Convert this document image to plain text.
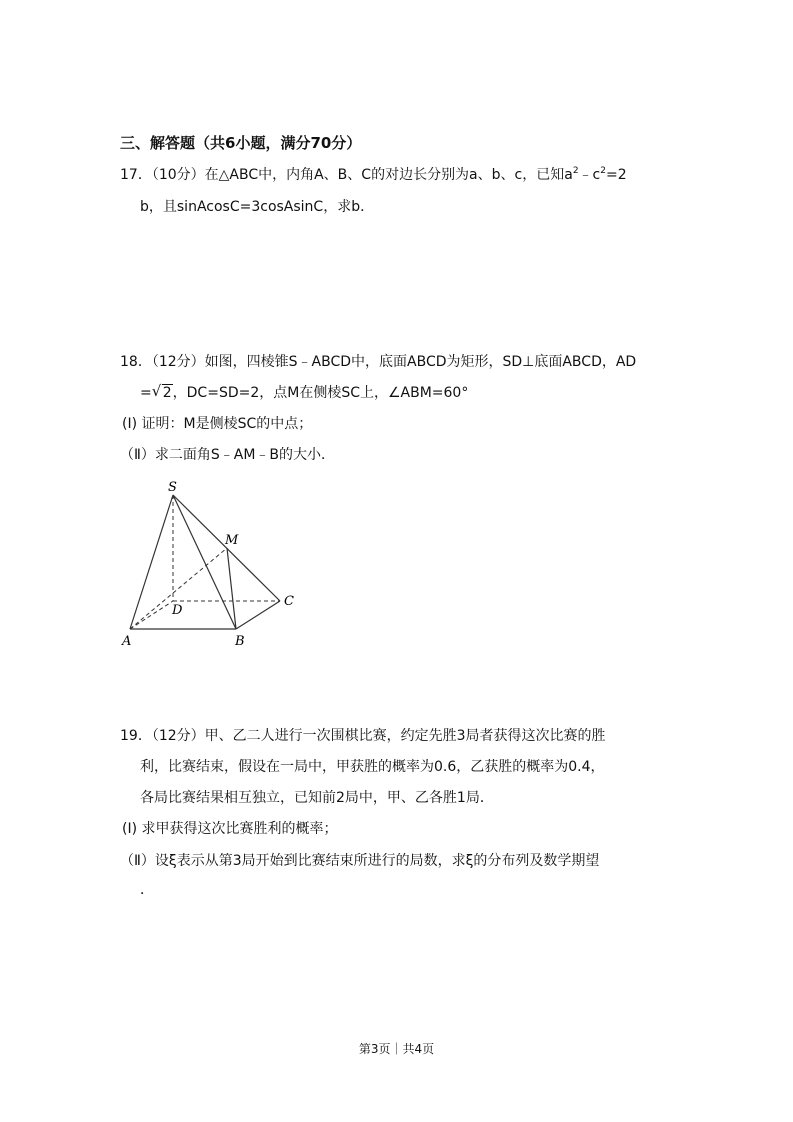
三、解答题（共6小题，满分70分）
17．（10分）在△ABC中，内角A、B、C的对边长分别为a、b、c，已知$a^2﹣c^2=2$
b，且sinAcosC=3cosAsinC，求b．
18．（12分）如图，四棱锥S﹣ABCD中，底面ABCD为矩形，SD⊥底面ABCD，AD
= √ 2，DC=SD=2，点M在侧棱SC上，∠ABM=60°
(Ⅰ) 证明：M是侧棱SC的中点；
（Ⅱ）求二面角S﹣AM﹣B的大小．
S
M
D
C
A	B
19．（12分）甲、乙二人进行一次围棋比赛，约定先胜3局者获得这次比赛的胜
利，比赛结束，假设在一局中，甲获胜的概率为0.6，乙获胜的概率为0.4，
各局比赛结果相互独立，已知前2局中，甲、乙各胜1局．
(Ⅰ) 求甲获得这次比赛胜利的概率；
（Ⅱ）设ξ表示从第3局开始到比赛结束所进行的局数，求ξ的分布列及数学期望
．
第3页｜共4页
